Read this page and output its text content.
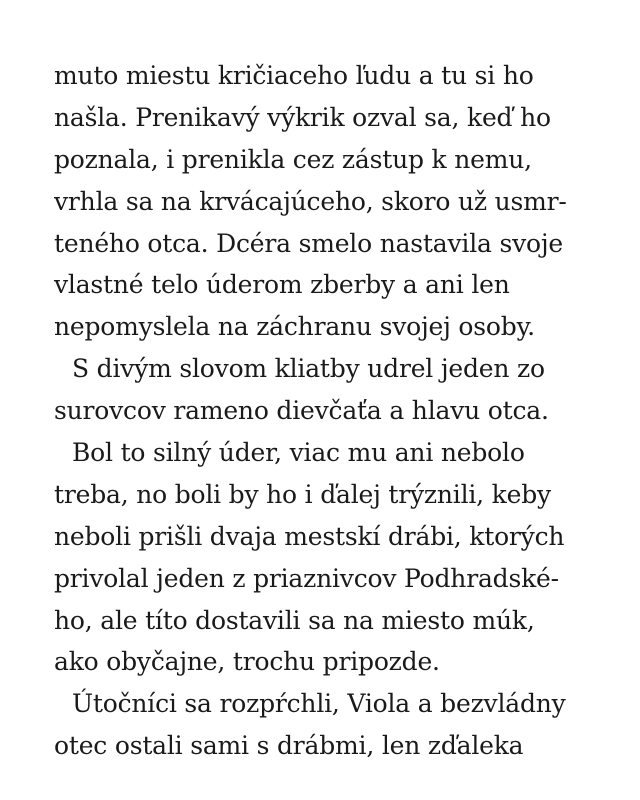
muto miestu kričiaceho ľudu a tu si ho
našla. Prenikavý výkrik ozval sa, keď ho
poznala, i prenikla cez zástup k nemu,
vrhla sa na krvácajúceho, skoro už usmr-
teného otca. Dcéra smelo nastavila svoje
vlastné telo úderom zberby a ani len
nepomyslela na záchranu svojej osoby.
S divým slovom kliatby udrel jeden zo
surovcov rameno dievčaťa a hlavu otca.
Bol to silný úder, viac mu ani nebolo
treba, no boli by ho i ďalej trýznili, keby
neboli prišli dvaja mestskí drábi, ktorých
privolal jeden z priaznivcov Podhradské-
ho, ale títo dostavili sa na miesto múk,
ako obyčajne, trochu pripozde.
Útočníci sa rozpŕchli, Viola a bezvládny
otec ostali sami s drábmi, len zďaleka
